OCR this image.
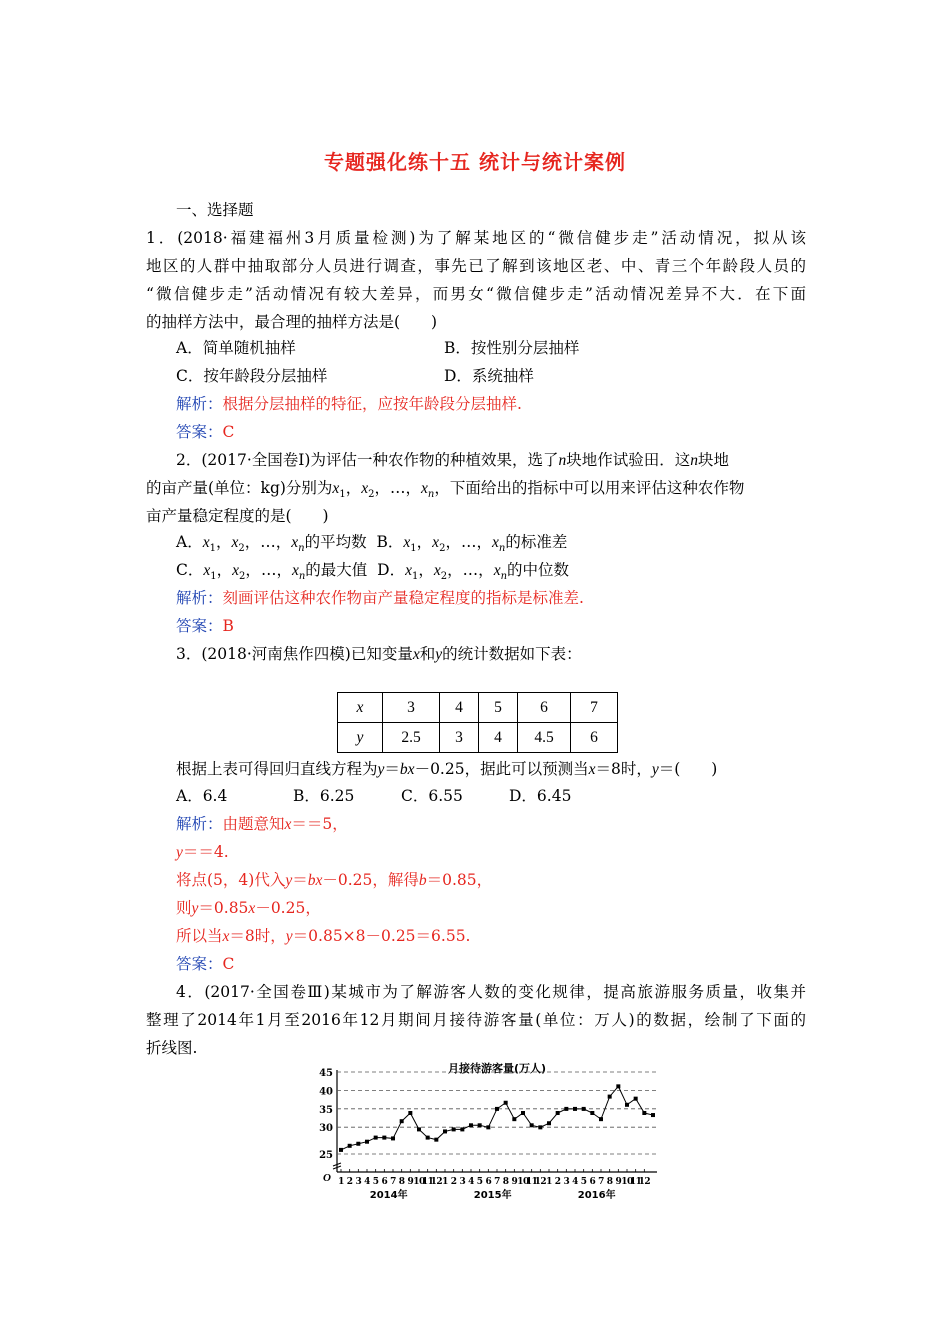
专题强化练十五 统计与统计案例
一、选择题
1．(2018·福建福州3月质量检测)为了解某地区的“微信健步走”活动情况，拟从该
地区的人群中抽取部分人员进行调查，事先已了解到该地区老、中、青三个年龄段人员的
“微信健步走”活动情况有较大差异，而男女“微信健步走”活动情况差异不大．在下面
的抽样方法中，最合理的抽样方法是(　　)
A．简单随机抽样	B．按性别分层抽样
C．按年龄段分层抽样	D．系统抽样
解析：根据分层抽样的特征，应按年龄段分层抽样.
答案：C
2．(2017·全国卷Ⅰ)为评估一种农作物的种植效果，选了n块地作试验田．这n块地
的亩产量(单位：kg)分别为$x_1$，$x_2$，…，$x_n$，下面给出的指标中可以用来评估这种农作物
亩产量稳定程度的是(　　)
A．$x_1$，$x_2$，…，$x_n$的平均数 B．$x_1$，$x_2$，…，$x_n$的标准差
C．$x_1$，$x_2$，…，$x_n$的最大值 D．$x_1$，$x_2$，…，$x_n$的中位数
解析：刻画评估这种农作物亩产量稳定程度的指标是标准差.
答案：B
3．(2018·河南焦作四模)已知变量x和y的统计数据如下表：
x	3	4	5	6	7
y	2.5	3	4	4.5	6
根据上表可得回归直线方程为y＝bx－0.25，据此可以预测当x＝8时，y＝(　　)
A．6.4	B．6.25	C．6.55	D．6.45
解析：由题意知x＝＝5，
y＝＝4.
将点(5，4)代入y＝bx－0.25，解得b＝0.85，
则y＝0.85x－0.25，
所以当x＝8时，y＝0.85×8－0.25＝6.55.
答案：C
4．(2017·全国卷Ⅲ)某城市为了解游客人数的变化规律，提高旅游服务质量，收集并
整理了2014年1月至2016年12月期间月接待游客量(单位：万人)的数据，绘制了下面的
折线图.
月接待游客量(万人)
25
30
35
40
45
O 1 2 3 4 5 6 7 8 9 10
11
12 1 2 3 4 5 6 7 8 9 10
11
12 1 2 3 4 5 6 7 8 9 10
11
12
2014年	2015年	2016年
